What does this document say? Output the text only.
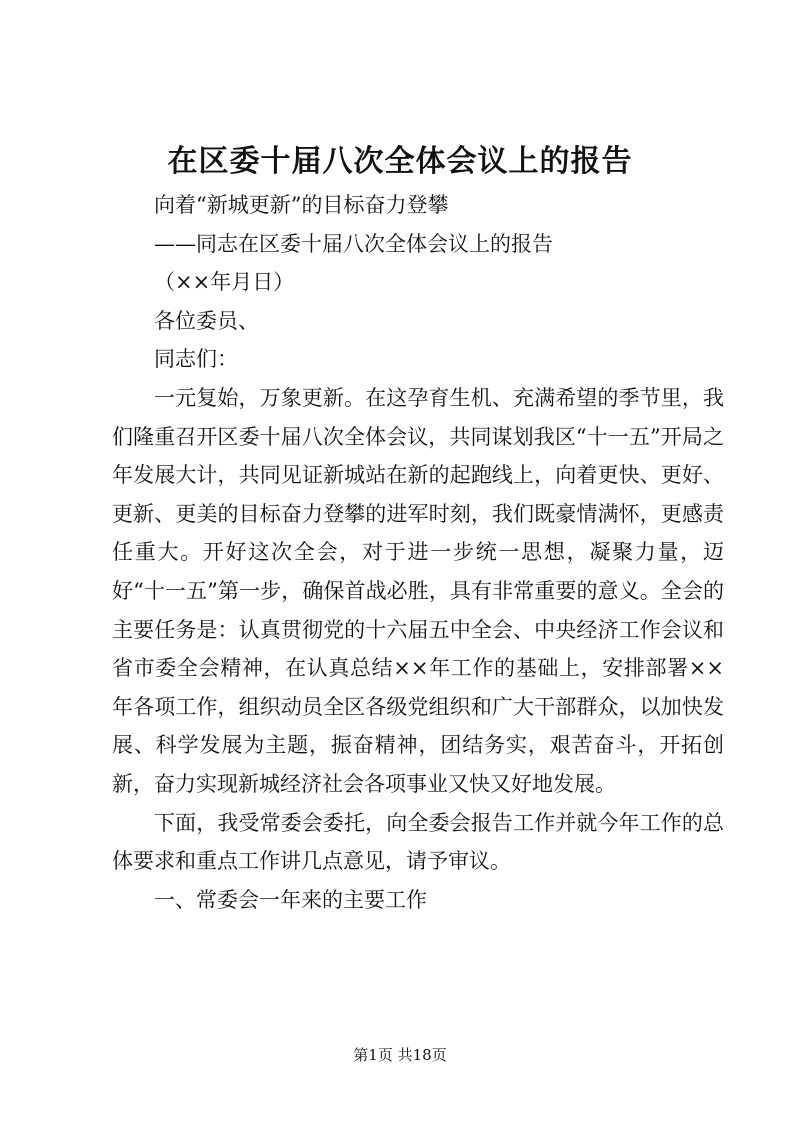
在区委十届八次全体会议上的报告

向着“新城更新”的目标奋力登攀

——同志在区委十届八次全体会议上的报告

（××年月日）

各位委员、

同志们：

一元复始，万象更新。在这孕育生机、充满希望的季节里，我们隆重召开区委十届八次全体会议，共同谋划我区“十一五”开局之年发展大计，共同见证新城站在新的起跑线上，向着更快、更好、更新、更美的目标奋力登攀的进军时刻，我们既豪情满怀，更感责任重大。开好这次全会，对于进一步统一思想，凝聚力量，迈好“十一五”第一步，确保首战必胜，具有非常重要的意义。全会的主要任务是：认真贯彻党的十六届五中全会、中央经济工作会议和省市委全会精神，在认真总结××年工作的基础上，安排部署××年各项工作，组织动员全区各级党组织和广大干部群众，以加快发展、科学发展为主题，振奋精神，团结务实，艰苦奋斗，开拓创新，奋力实现新城经济社会各项事业又快又好地发展。

下面，我受常委会委托，向全委会报告工作并就今年工作的总体要求和重点工作讲几点意见，请予审议。

一、常委会一年来的主要工作

第1页 共18页
